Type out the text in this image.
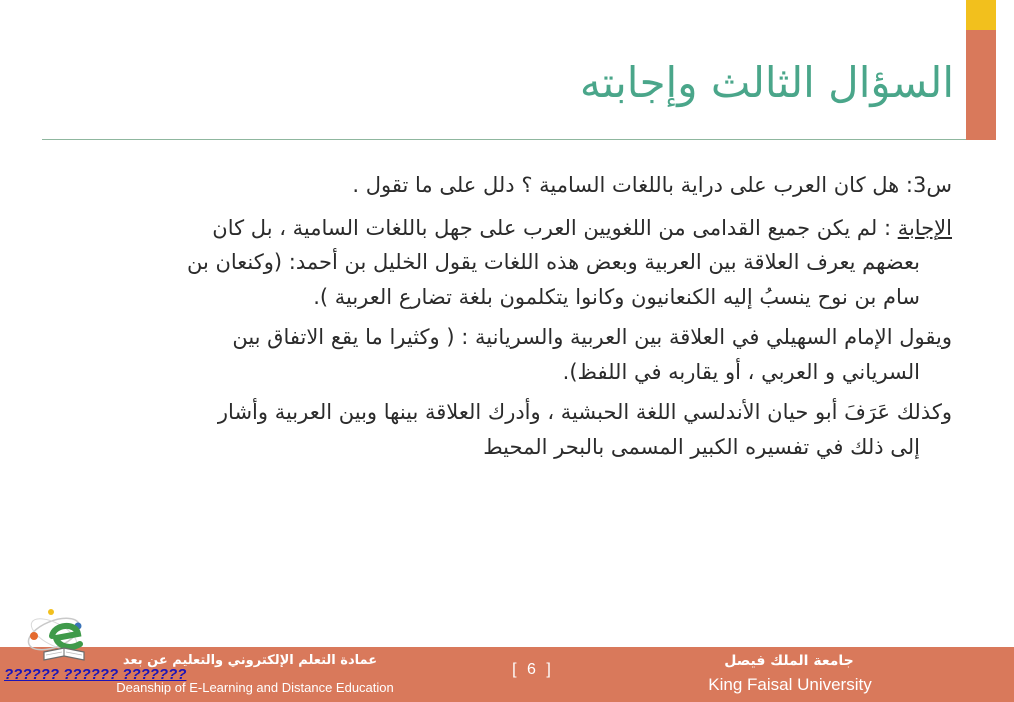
السؤال الثالث وإجابته

س3: هل كان العرب على دراية باللغات السامية ؟ دلل على ما تقول .

الإجابة : لم يكن جميع القدامى من اللغويين العرب على جهل باللغات السامية ، بل كان
بعضهم يعرف العلاقة بين العربية وبعض هذه اللغات يقول الخليل بن أحمد: (وكنعان بن
سام بن نوح ينسبُ إليه الكنعانيون وكانوا يتكلمون بلغة تضارع العربية ).

ويقول الإمام السهيلي في العلاقة بين العربية والسريانية : ( وكثيرا ما يقع الاتفاق بين
السرياني و العربي ، أو يقاربه في اللفظ).

وكذلك عَرَفَ أبو حيان الأندلسي اللغة الحبشية ، وأدرك العلاقة بينها وبين العربية وأشار
إلى ذلك في تفسيره الكبير المسمى بالبحر المحيط

جامعة الملك فيصل
King Faisal University
[ 6 ]
عمادة التعلم الإلكتروني والتعليم عن بعد
Deanship of E-Learning and Distance Education
?????? ?????? ???????
